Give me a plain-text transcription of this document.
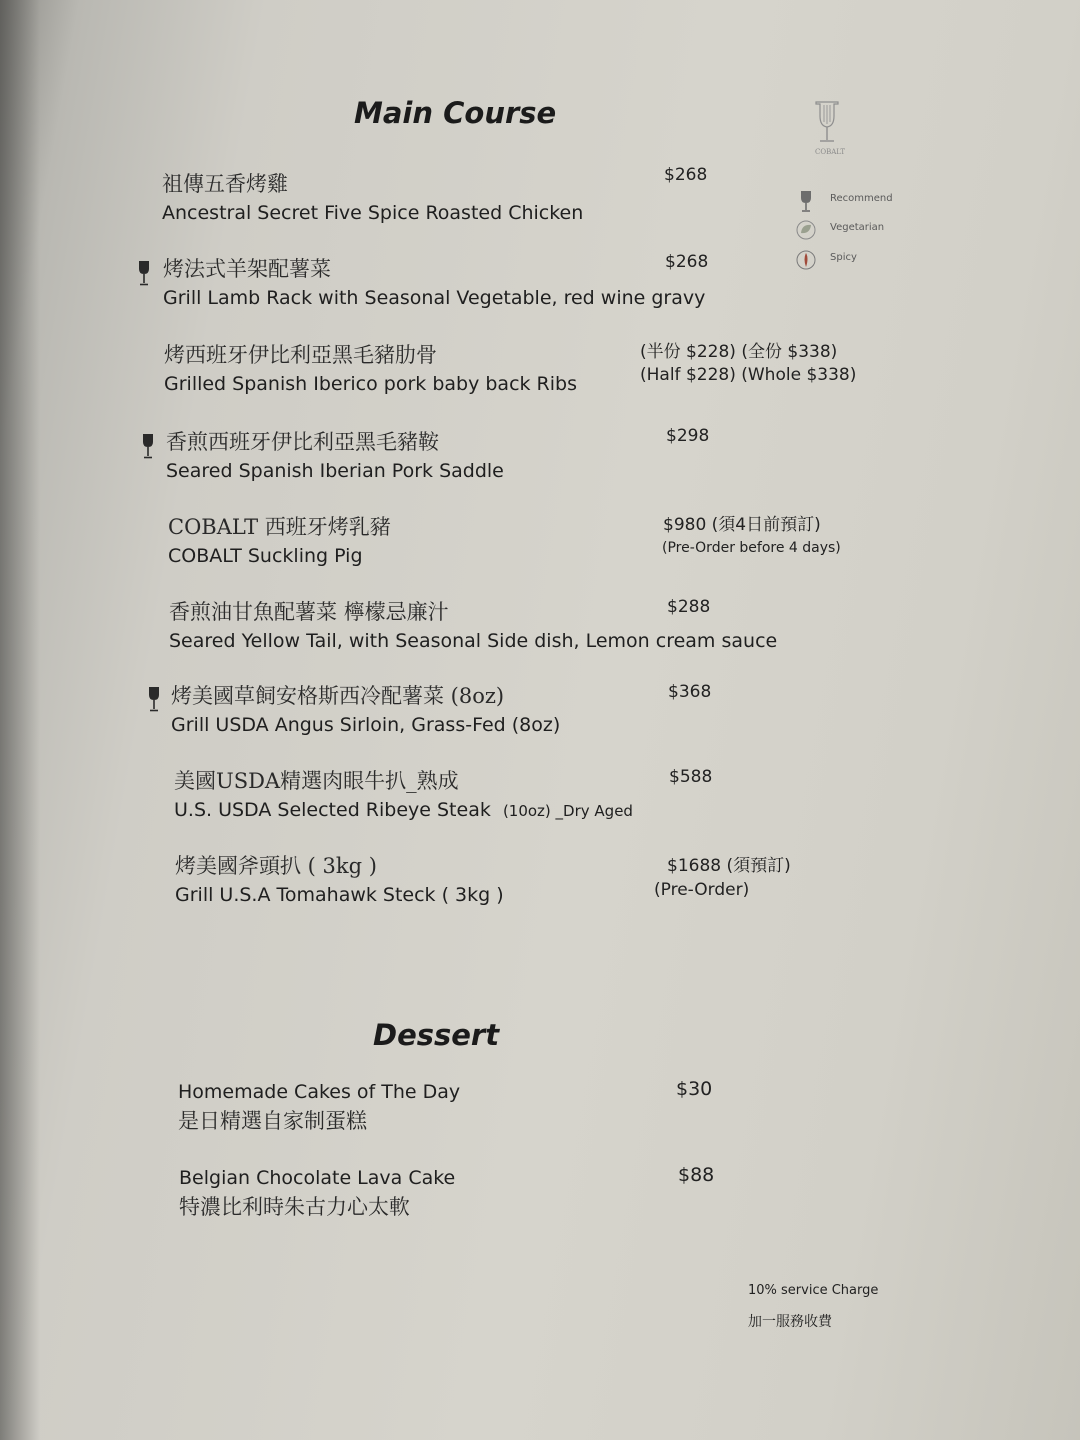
Main Course
COBALT
Recommend
Vegetarian
Spicy
祖傳五香烤雞
Ancestral Secret Five Spice Roasted Chicken
$268
烤法式羊架配薯菜
Grill Lamb Rack with Seasonal Vegetable, red wine gravy
$268
烤西班牙伊比利亞黑毛豬肋骨
Grilled Spanish Iberico pork baby back Ribs
(半份 $228) (全份 $338)
(Half $228) (Whole $338)
香煎西班牙伊比利亞黑毛豬鞍
Seared Spanish Iberian Pork Saddle
$298
COBALT 西班牙烤乳豬
COBALT Suckling Pig
$980 (須4日前預訂)
(Pre-Order before 4 days)
香煎油甘魚配薯菜 檸檬忌廉汁
Seared Yellow Tail, with Seasonal Side dish, Lemon cream sauce
$288
烤美國草飼安格斯西冷配薯菜 (8oz)
Grill USDA Angus Sirloin, Grass-Fed (8oz)
$368
美國USDA精選肉眼牛扒_熟成
U.S. USDA Selected Ribeye Steak (10oz) _Dry Aged
$588
烤美國斧頭扒 ( 3kg )
Grill U.S.A Tomahawk Steck ( 3kg )
$1688 (須預訂)
(Pre-Order)
Dessert
Homemade Cakes of The Day
是日精選自家制蛋糕
$30
Belgian Chocolate Lava Cake
特濃比利時朱古力心太軟
$88
10% service Charge
加一服務收費
